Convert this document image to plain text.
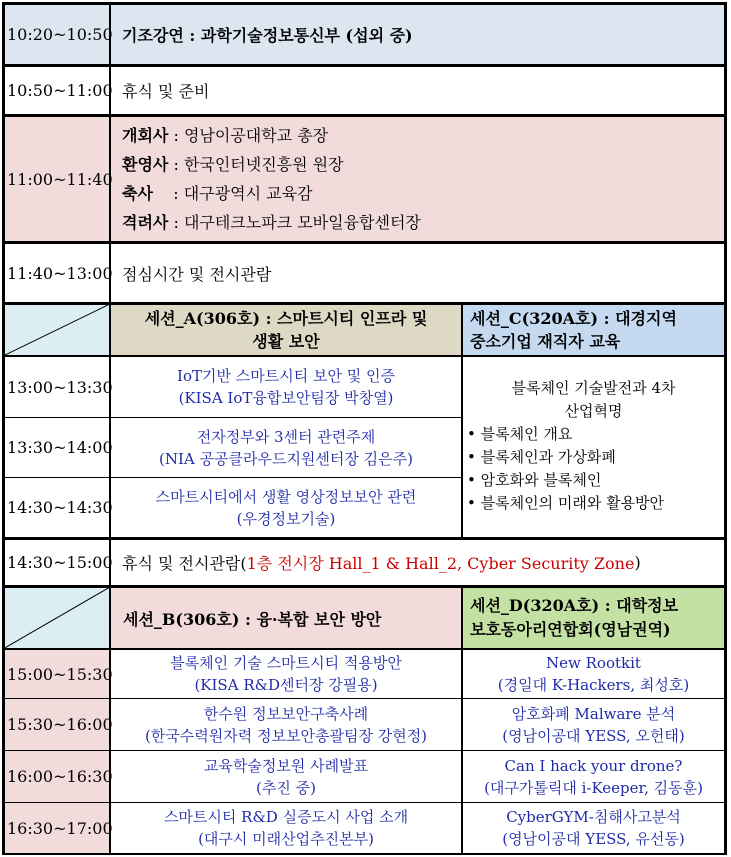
10:20~10:50 기조강연 : 과학기술정보통신부 (섭외 중)
10:50~11:00 휴식 및 준비
11:00~11:40
개회사 : 영남이공대학교 총장
환영사 : 한국인터넷진흥원 원장
축사    : 대구광역시 교육감
격려사 : 대구테크노파크 모바일융합센터장
11:40~13:00 점심시간 및 전시관람
세션_A(306호) : 스마트시티 인프라 및
생활 보안
세션_C(320A호) : 대경지역
중소기업 재직자 교육
13:00~13:30
IoT기반 스마트시티 보안 및 인증
(KISA IoT융합보안팀장 박창열)
13:30~14:00
전자정부와 3센터 관련주제
(NIA 공공클라우드지원센터장 김은주)
14:30~14:30
스마트시티에서 생활 영상정보보안 관련
(우경정보기술)
블록체인 기술발전과 4차
산업혁명
• 블록체인 개요
• 블록체인과 가상화폐
• 암호화와 블록체인
• 블록체인의 미래와 활용방안
14:30~15:00 휴식 및 전시관람( 1층 전시장 Hall_1 & Hall_2, Cyber Security Zone )
세션_B(306호) : 융·복합 보안 방안
세션_D(320A호) : 대학정보
보호동아리연합회(영남권역)
15:00~15:30
블록체인 기술 스마트시티 적용방안
(KISA R&D센터장 강필용)
New Rootkit
(경일대 K-Hackers, 최성호)
15:30~16:00
한수원 정보보안구축사례
(한국수력원자력 정보보안총괄팀장 강현정)
암호화폐 Malware 분석
(영남이공대 YESS, 오헌태)
16:00~16:30
교육학술정보원 사례발표
(추진 중)
Can I hack your drone?
(대구가톨릭대 i-Keeper, 김동훈)
16:30~17:00
스마트시티 R&D 실증도시 사업 소개
(대구시 미래산업추진본부)
CyberGYM-침해사고분석
(영남이공대 YESS, 유선동)
